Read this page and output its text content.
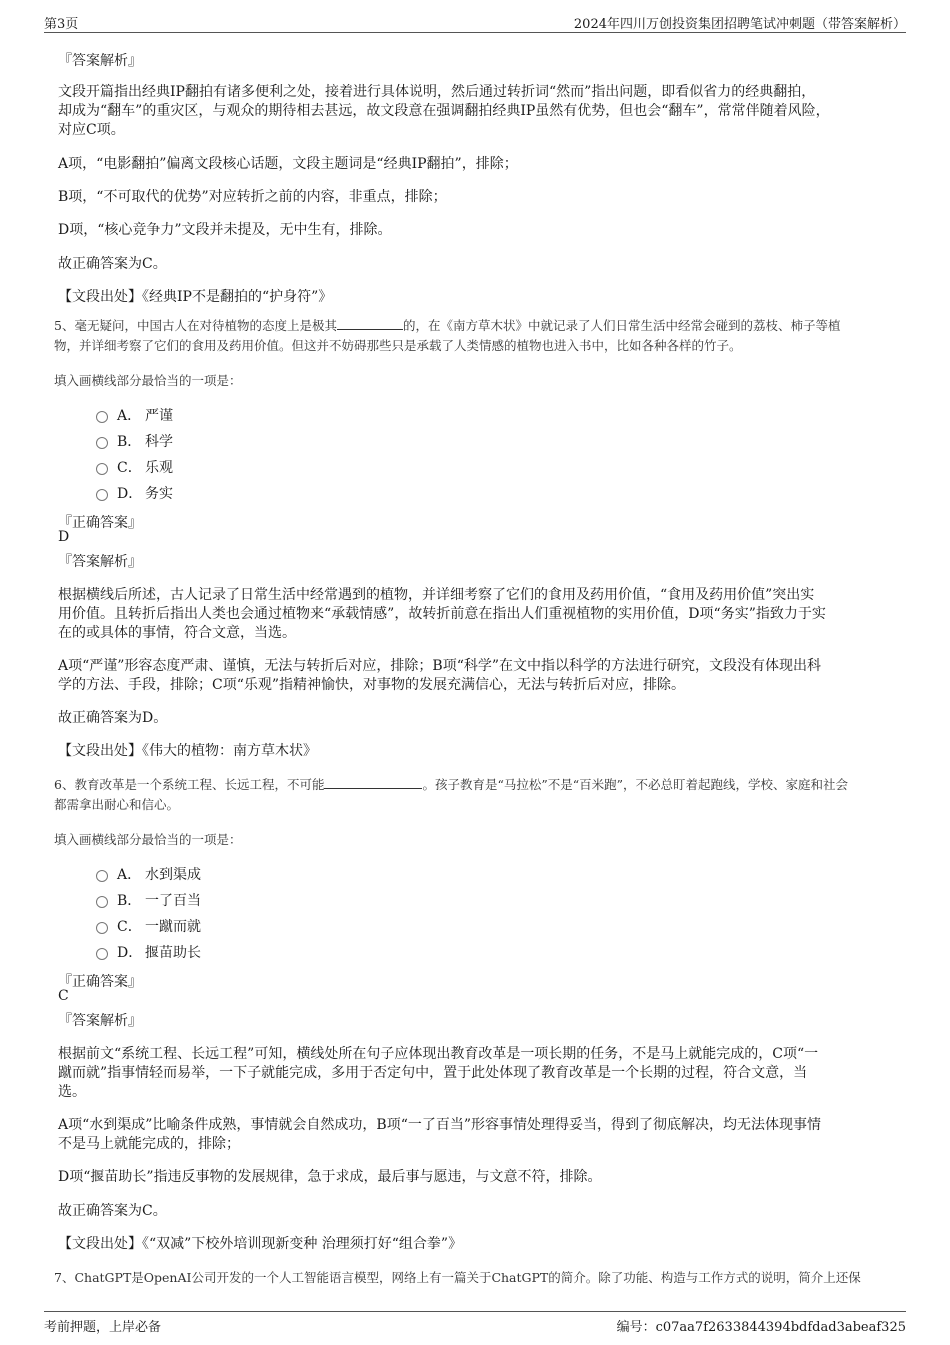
第3页	2024年四川万创投资集团招聘笔试冲刺题（带答案解析）
『答案解析』
文段开篇指出经典IP翻拍有诸多便利之处，接着进行具体说明，然后通过转折词“然而”指出问题，即看似省力的经典翻拍，
却成为“翻车”的重灾区，与观众的期待相去甚远，故文段意在强调翻拍经典IP虽然有优势，但也会“翻车”，常常伴随着风险，
对应C项。
A项，“电影翻拍”偏离文段核心话题，文段主题词是“经典IP翻拍”，排除；
B项，“不可取代的优势”对应转折之前的内容，非重点，排除；
D项，“核心竞争力”文段并未提及，无中生有，排除。
故正确答案为C。
【文段出处】《经典IP不是翻拍的“护身符”》
5、毫无疑问，中国古人在对待植物的态度上是极其	的，在《南方草木状》中就记录了人们日常生活中经常会碰到的荔枝、柿子等植
物，并详细考察了它们的食用及药用价值。但这并不妨碍那些只是承载了人类情感的植物也进入书中，比如各种各样的竹子。
填入画横线部分最恰当的一项是：
A． 严谨
B． 科学
C． 乐观
D． 务实
『正确答案』
D
『答案解析』
根据横线后所述，古人记录了日常生活中经常遇到的植物，并详细考察了它们的食用及药用价值，“食用及药用价值”突出实
用价值。且转折后指出人类也会通过植物来“承载情感”，故转折前意在指出人们重视植物的实用价值，D项“务实”指致力于实
在的或具体的事情，符合文意，当选。
A项“严谨”形容态度严肃、谨慎，无法与转折后对应，排除；B项“科学”在文中指以科学的方法进行研究，文段没有体现出科
学的方法、手段，排除；C项“乐观”指精神愉快，对事物的发展充满信心，无法与转折后对应，排除。
故正确答案为D。
【文段出处】《伟大的植物：南方草木状》
6、教育改革是一个系统工程、长远工程，不可能	。孩子教育是“马拉松”不是“百米跑”，不必总盯着起跑线，学校、家庭和社会
都需拿出耐心和信心。
填入画横线部分最恰当的一项是：
A． 水到渠成
B． 一了百当
C． 一蹴而就
D． 揠苗助长
『正确答案』
C
『答案解析』
根据前文“系统工程、长远工程”可知，横线处所在句子应体现出教育改革是一项长期的任务，不是马上就能完成的，C项“一
蹴而就”指事情轻而易举，一下子就能完成，多用于否定句中，置于此处体现了教育改革是一个长期的过程，符合文意，当
选。
A项“水到渠成”比喻条件成熟，事情就会自然成功，B项“一了百当”形容事情处理得妥当，得到了彻底解决，均无法体现事情
不是马上就能完成的，排除；
D项“揠苗助长”指违反事物的发展规律，急于求成，最后事与愿违，与文意不符，排除。
故正确答案为C。
【文段出处】《“双减”下校外培训现新变种 治理须打好“组合拳”》
7、ChatGPT是OpenAI公司开发的一个人工智能语言模型，网络上有一篇关于ChatGPT的简介。除了功能、构造与工作方式的说明，简介上还保
考前押题，上岸必备	编号：c07aa7f2633844394bdfdad3abeaf325
